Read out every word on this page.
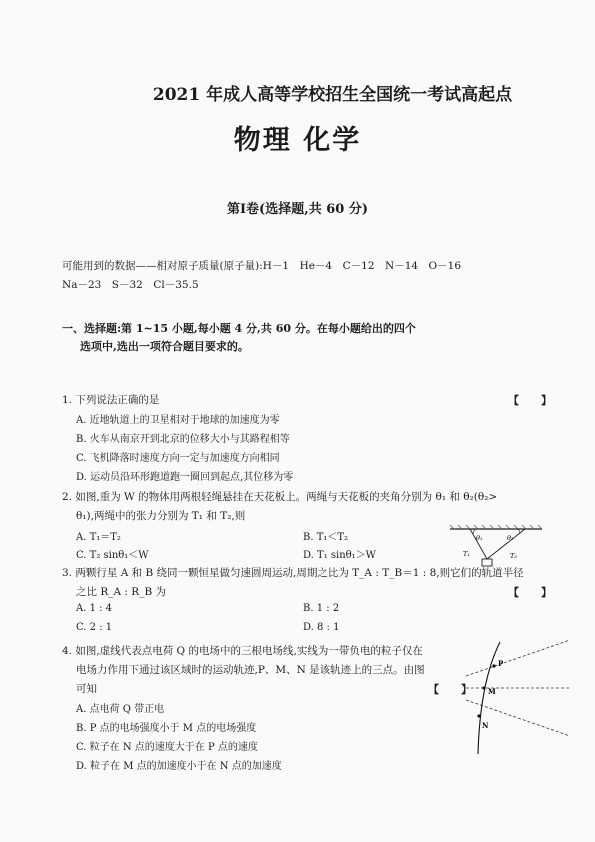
2021 年成人高等学校招生全国统一考试高起点
物理 化学
第Ⅰ卷(选择题,共 60 分)
可能用到的数据——相对原子质量(原子量):H－1　He－4　C－12　N－14　O－16
Na－23　S－32　Cl－35.5
一、选择题:第 1~15 小题,每小题 4 分,共 60 分。在每小题给出的四个
选项中,选出一项符合题目要求的。
1. 下列说法正确的是	【　　】
A. 近地轨道上的卫星相对于地球的加速度为零
B. 火车从南京开到北京的位移大小与其路程相等
C. 飞机降落时速度方向一定与加速度方向相同
D. 运动员沿环形跑道跑一圈回到起点,其位移为零
2. 如图,重为 W 的物体用两根轻绳悬挂在天花板上。两绳与天花板的夹角分别为 θ₁ 和 θ₂(θ₂>
θ₁),两绳中的张力分别为 T₁ 和 T₂,则
A. T₁＝T₂	B. T₁＜T₂
C. T₂ sinθ₁＜W	D. T₁ sinθ₁＞W
θ₁	θ₂
T₁	T₂
3. 两颗行星 A 和 B 绕同一颗恒星做匀速圆周运动,周期之比为 T_A : T_B＝1 : 8,则它们的轨道半径
之比 R_A : R_B 为	【　　】
A. 1 : 4	B. 1 : 2
C. 2 : 1	D. 8 : 1
4. 如图,虚线代表点电荷 Q 的电场中的三根电场线,实线为一带负电的粒子仅在
电场力作用下通过该区域时的运动轨迹,P、M、N 是该轨迹上的三点。由图
可知	【　　】
A. 点电荷 Q 带正电
B. P 点的电场强度小于 M 点的电场强度
C. 粒子在 N 点的速度大于在 P 点的速度
D. 粒子在 M 点的加速度小于在 N 点的加速度
P
M
N
